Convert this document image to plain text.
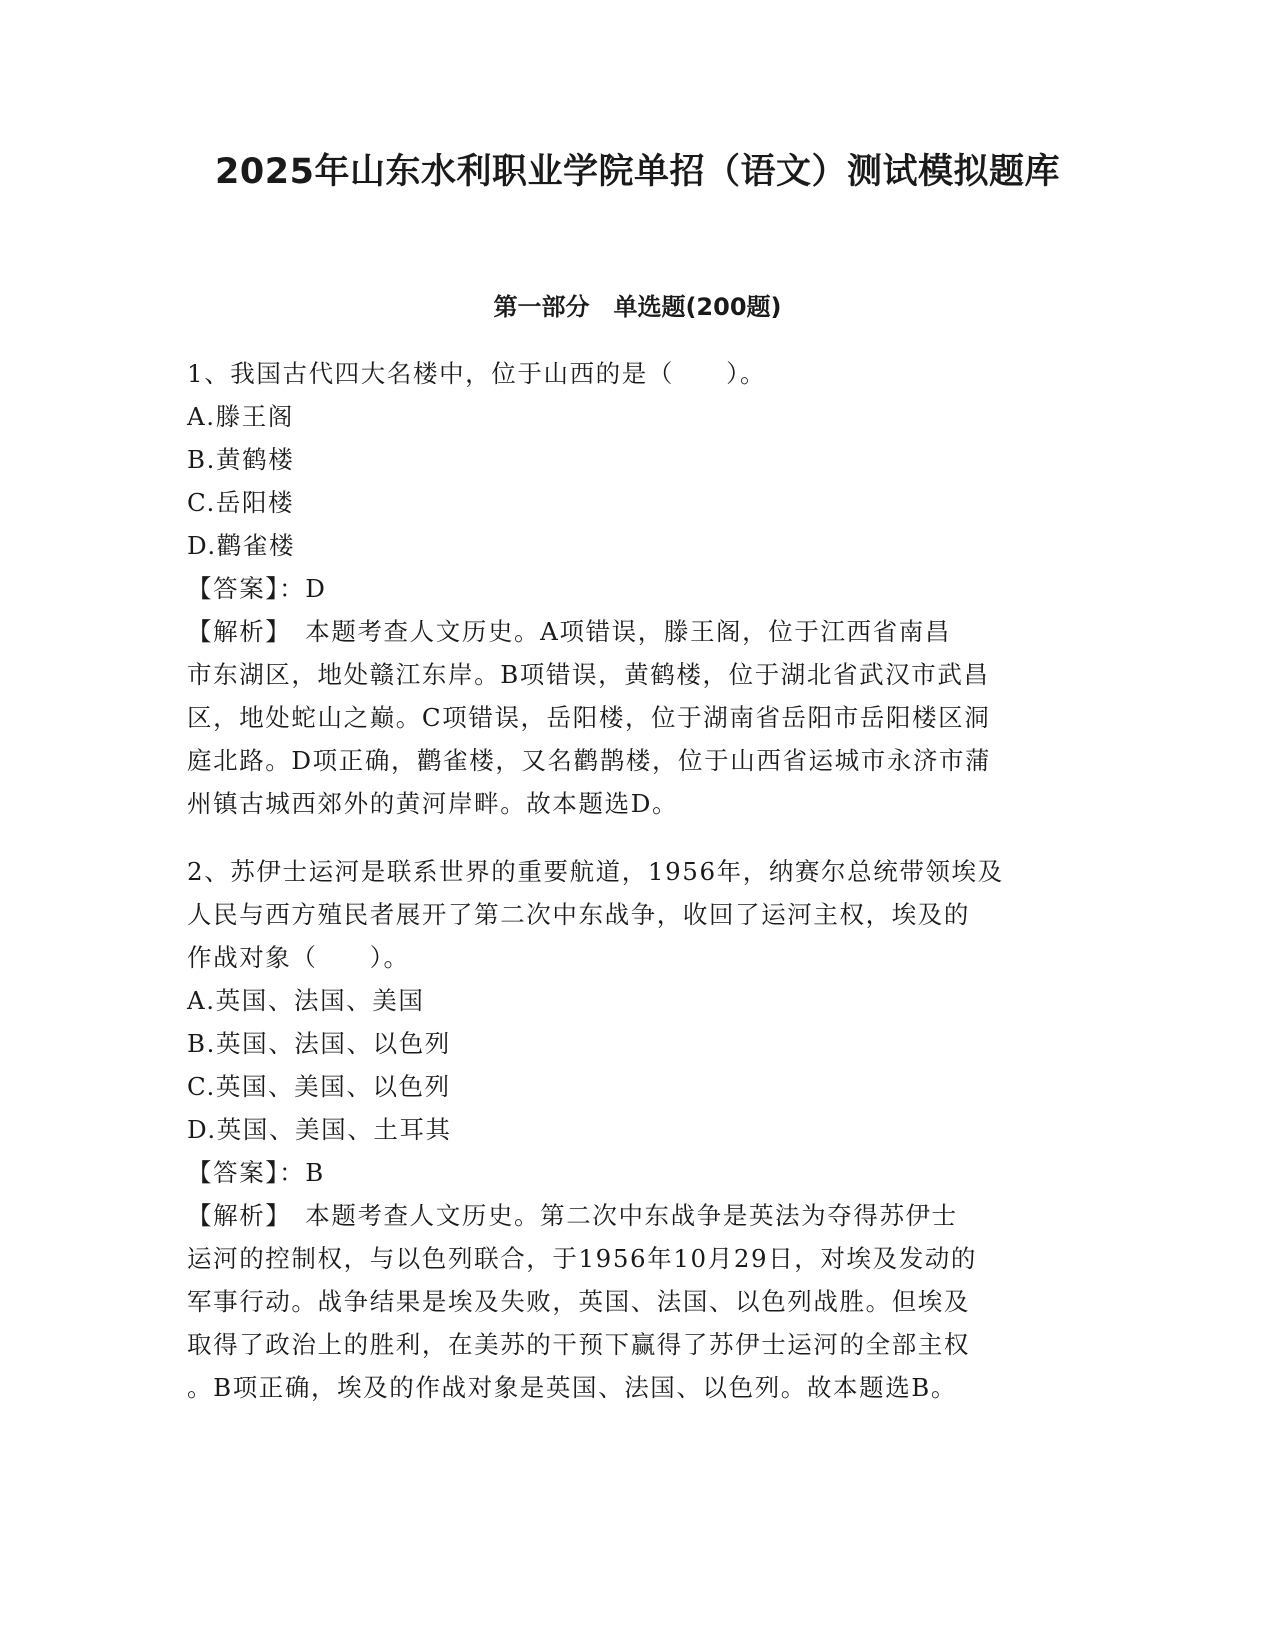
2025年山东水利职业学院单招（语文）测试模拟题库
第一部分　单选题(200题)

1、我国古代四大名楼中，位于山西的是（　　）。

A.滕王阁

B.黄鹤楼

C.岳阳楼

D.鹳雀楼

【答案】：D

【解析】　本题考查人文历史。A项错误，滕王阁，位于江西省南昌

市东湖区，地处赣江东岸。B项错误，黄鹤楼，位于湖北省武汉市武昌

区，地处蛇山之巅。C项错误，岳阳楼，位于湖南省岳阳市岳阳楼区洞

庭北路。D项正确，鹳雀楼，又名鹳鹊楼，位于山西省运城市永济市蒲

州镇古城西郊外的黄河岸畔。故本题选D。

2、苏伊士运河是联系世界的重要航道，1956年，纳赛尔总统带领埃及

人民与西方殖民者展开了第二次中东战争，收回了运河主权，埃及的

作战对象（　　）。

A.英国、法国、美国

B.英国、法国、以色列

C.英国、美国、以色列

D.英国、美国、土耳其

【答案】：B

【解析】　本题考查人文历史。第二次中东战争是英法为夺得苏伊士

运河的控制权，与以色列联合，于1956年10月29日，对埃及发动的

军事行动。战争结果是埃及失败，英国、法国、以色列战胜。但埃及

取得了政治上的胜利，在美苏的干预下赢得了苏伊士运河的全部主权

。B项正确，埃及的作战对象是英国、法国、以色列。故本题选B。
